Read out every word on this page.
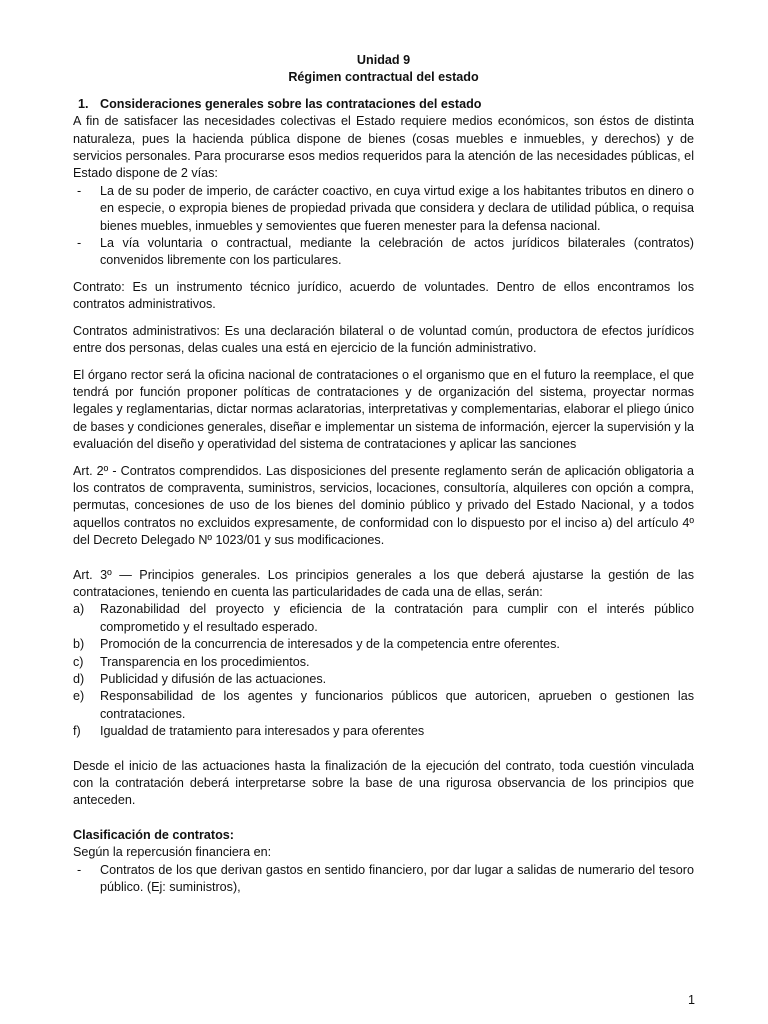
Unidad 9

Régimen contractual del estado

1. Consideraciones generales sobre las contrataciones del estado

A fin de satisfacer las necesidades colectivas el Estado requiere medios económicos, son éstos de distinta naturaleza, pues la hacienda pública dispone de bienes (cosas muebles e inmuebles, y derechos) y de servicios personales. Para procurarse esos medios requeridos para la atención de las necesidades públicas, el Estado dispone de 2 vías:

-	La de su poder de imperio, de carácter coactivo, en cuya virtud exige a los habitantes tributos en dinero o en especie, o expropia bienes de propiedad privada que considera y declara de utilidad pública, o requisa bienes muebles, inmuebles y semovientes que fueren menester para la defensa nacional.
-	La vía voluntaria o contractual, mediante la celebración de actos jurídicos bilaterales (contratos) convenidos libremente con los particulares.

Contrato: Es un instrumento técnico jurídico, acuerdo de voluntades. Dentro de ellos encontramos los contratos administrativos.

Contratos administrativos: Es una declaración bilateral o de voluntad común, productora de efectos jurídicos entre dos personas, delas cuales una está en ejercicio de la función administrativo.

El órgano rector será la oficina nacional de contrataciones o el organismo que en el futuro la reemplace, el que tendrá por función proponer políticas de contrataciones y de organización del sistema, proyectar normas legales y reglamentarias, dictar normas aclaratorias, interpretativas y complementarias, elaborar el pliego único de bases y condiciones generales, diseñar e implementar un sistema de información, ejercer la supervisión y la evaluación del diseño y operatividad del sistema de contrataciones y aplicar las sanciones

Art. 2º - Contratos comprendidos. Las disposiciones del presente reglamento serán de aplicación obligatoria a los contratos de compraventa, suministros, servicios, locaciones, consultoría, alquileres con opción a compra, permutas, concesiones de uso de los bienes del dominio público y privado del Estado Nacional, y a todos aquellos contratos no excluidos expresamente, de conformidad con lo dispuesto por el inciso a) del artículo 4º del Decreto Delegado Nº 1023/01 y sus modificaciones.

Art. 3º — Principios generales. Los principios generales a los que deberá ajustarse la gestión de las contrataciones, teniendo en cuenta las particularidades de cada una de ellas, serán:

a)	Razonabilidad del proyecto y eficiencia de la contratación para cumplir con el interés público comprometido y el resultado esperado.
b)	Promoción de la concurrencia de interesados y de la competencia entre oferentes.
c)	Transparencia en los procedimientos.
d)	Publicidad y difusión de las actuaciones.
e)	Responsabilidad de los agentes y funcionarios públicos que autoricen, aprueben o gestionen las contrataciones.
f)	Igualdad de tratamiento para interesados y para oferentes

Desde el inicio de las actuaciones hasta la finalización de la ejecución del contrato, toda cuestión vinculada con la contratación deberá interpretarse sobre la base de una rigurosa observancia de los principios que anteceden.

Clasificación de contratos:

Según la repercusión financiera en:

-	Contratos de los que derivan gastos en sentido financiero, por dar lugar a salidas de numerario del tesoro público. (Ej: suministros),
1
